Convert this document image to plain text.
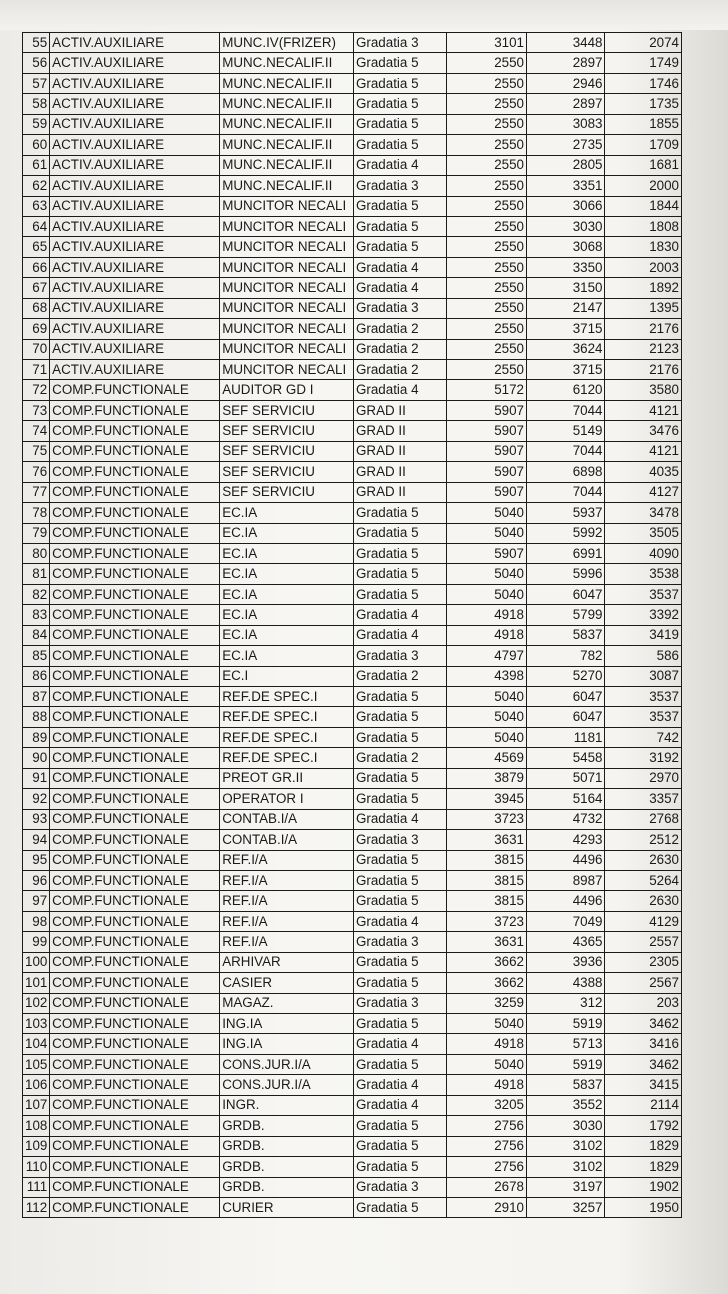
55	ACTIV.AUXILIARE	MUNC.IV(FRIZER)	Gradatia 3	3101	3448	2074
56	ACTIV.AUXILIARE	MUNC.NECALIF.II	Gradatia 5	2550	2897	1749
57	ACTIV.AUXILIARE	MUNC.NECALIF.II	Gradatia 5	2550	2946	1746
58	ACTIV.AUXILIARE	MUNC.NECALIF.II	Gradatia 5	2550	2897	1735
59	ACTIV.AUXILIARE	MUNC.NECALIF.II	Gradatia 5	2550	3083	1855
60	ACTIV.AUXILIARE	MUNC.NECALIF.II	Gradatia 5	2550	2735	1709
61	ACTIV.AUXILIARE	MUNC.NECALIF.II	Gradatia 4	2550	2805	1681
62	ACTIV.AUXILIARE	MUNC.NECALIF.II	Gradatia 3	2550	3351	2000
63	ACTIV.AUXILIARE	MUNCITOR NECALI	Gradatia 5	2550	3066	1844
64	ACTIV.AUXILIARE	MUNCITOR NECALI	Gradatia 5	2550	3030	1808
65	ACTIV.AUXILIARE	MUNCITOR NECALI	Gradatia 5	2550	3068	1830
66	ACTIV.AUXILIARE	MUNCITOR NECALI	Gradatia 4	2550	3350	2003
67	ACTIV.AUXILIARE	MUNCITOR NECALI	Gradatia 4	2550	3150	1892
68	ACTIV.AUXILIARE	MUNCITOR NECALI	Gradatia 3	2550	2147	1395
69	ACTIV.AUXILIARE	MUNCITOR NECALI	Gradatia 2	2550	3715	2176
70	ACTIV.AUXILIARE	MUNCITOR NECALI	Gradatia 2	2550	3624	2123
71	ACTIV.AUXILIARE	MUNCITOR NECALI	Gradatia 2	2550	3715	2176
72	COMP.FUNCTIONALE	AUDITOR GD I	Gradatia 4	5172	6120	3580
73	COMP.FUNCTIONALE	SEF SERVICIU	GRAD II	5907	7044	4121
74	COMP.FUNCTIONALE	SEF SERVICIU	GRAD II	5907	5149	3476
75	COMP.FUNCTIONALE	SEF SERVICIU	GRAD II	5907	7044	4121
76	COMP.FUNCTIONALE	SEF SERVICIU	GRAD II	5907	6898	4035
77	COMP.FUNCTIONALE	SEF SERVICIU	GRAD II	5907	7044	4127
78	COMP.FUNCTIONALE	EC.IA	Gradatia 5	5040	5937	3478
79	COMP.FUNCTIONALE	EC.IA	Gradatia 5	5040	5992	3505
80	COMP.FUNCTIONALE	EC.IA	Gradatia 5	5907	6991	4090
81	COMP.FUNCTIONALE	EC.IA	Gradatia 5	5040	5996	3538
82	COMP.FUNCTIONALE	EC.IA	Gradatia 5	5040	6047	3537
83	COMP.FUNCTIONALE	EC.IA	Gradatia 4	4918	5799	3392
84	COMP.FUNCTIONALE	EC.IA	Gradatia 4	4918	5837	3419
85	COMP.FUNCTIONALE	EC.IA	Gradatia 3	4797	782	586
86	COMP.FUNCTIONALE	EC.I	Gradatia 2	4398	5270	3087
87	COMP.FUNCTIONALE	REF.DE SPEC.I	Gradatia 5	5040	6047	3537
88	COMP.FUNCTIONALE	REF.DE SPEC.I	Gradatia 5	5040	6047	3537
89	COMP.FUNCTIONALE	REF.DE SPEC.I	Gradatia 5	5040	1181	742
90	COMP.FUNCTIONALE	REF.DE SPEC.I	Gradatia 2	4569	5458	3192
91	COMP.FUNCTIONALE	PREOT GR.II	Gradatia 5	3879	5071	2970
92	COMP.FUNCTIONALE	OPERATOR I	Gradatia 5	3945	5164	3357
93	COMP.FUNCTIONALE	CONTAB.I/A	Gradatia 4	3723	4732	2768
94	COMP.FUNCTIONALE	CONTAB.I/A	Gradatia 3	3631	4293	2512
95	COMP.FUNCTIONALE	REF.I/A	Gradatia 5	3815	4496	2630
96	COMP.FUNCTIONALE	REF.I/A	Gradatia 5	3815	8987	5264
97	COMP.FUNCTIONALE	REF.I/A	Gradatia 5	3815	4496	2630
98	COMP.FUNCTIONALE	REF.I/A	Gradatia 4	3723	7049	4129
99	COMP.FUNCTIONALE	REF.I/A	Gradatia 3	3631	4365	2557
100	COMP.FUNCTIONALE	ARHIVAR	Gradatia 5	3662	3936	2305
101	COMP.FUNCTIONALE	CASIER	Gradatia 5	3662	4388	2567
102	COMP.FUNCTIONALE	MAGAZ.	Gradatia 3	3259	312	203
103	COMP.FUNCTIONALE	ING.IA	Gradatia 5	5040	5919	3462
104	COMP.FUNCTIONALE	ING.IA	Gradatia 4	4918	5713	3416
105	COMP.FUNCTIONALE	CONS.JUR.I/A	Gradatia 5	5040	5919	3462
106	COMP.FUNCTIONALE	CONS.JUR.I/A	Gradatia 4	4918	5837	3415
107	COMP.FUNCTIONALE	INGR.	Gradatia 4	3205	3552	2114
108	COMP.FUNCTIONALE	GRDB.	Gradatia 5	2756	3030	1792
109	COMP.FUNCTIONALE	GRDB.	Gradatia 5	2756	3102	1829
110	COMP.FUNCTIONALE	GRDB.	Gradatia 5	2756	3102	1829
111	COMP.FUNCTIONALE	GRDB.	Gradatia 3	2678	3197	1902
112	COMP.FUNCTIONALE	CURIER	Gradatia 5	2910	3257	1950
